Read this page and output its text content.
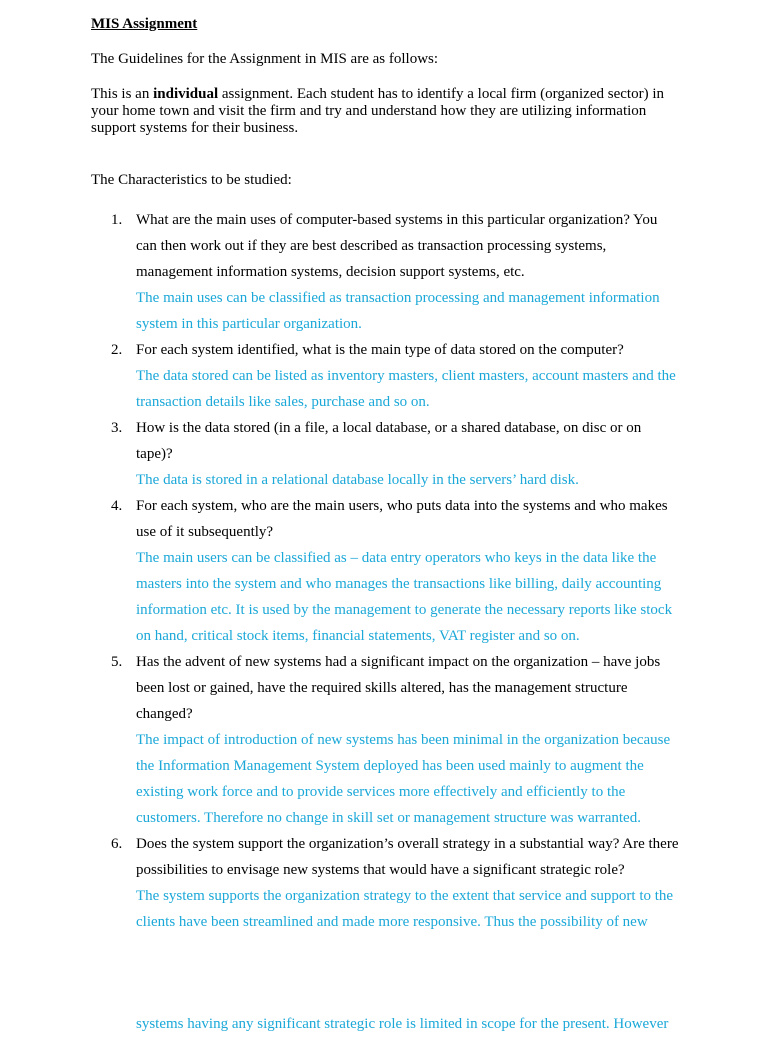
MIS Assignment
The Guidelines for the Assignment in MIS are as follows:
This is an individual assignment. Each student has to identify a local firm (organized sector) in your home town and visit the firm and try and understand how they are utilizing information support systems for their business.
The Characteristics to be studied:
1. What are the main uses of computer-based systems in this particular organization? You can then work out if they are best described as transaction processing systems, management information systems, decision support systems, etc.
The main uses can be classified as transaction processing and management information system in this particular organization.
2. For each system identified, what is the main type of data stored on the computer?
The data stored can be listed as inventory masters, client masters, account masters and the transaction details like sales, purchase and so on.
3. How is the data stored (in a file, a local database, or a shared database, on disc or on tape)?
The data is stored in a relational database locally in the servers’ hard disk.
4. For each system, who are the main users, who puts data into the systems and who makes use of it subsequently?
The main users can be classified as – data entry operators who keys in the data like the masters into the system and who manages the transactions like billing, daily accounting information etc. It is used by the management to generate the necessary reports like stock on hand, critical stock items, financial statements, VAT register and so on.
5. Has the advent of new systems had a significant impact on the organization – have jobs been lost or gained, have the required skills altered, has the management structure changed?
The impact of introduction of new systems has been minimal in the organization because the Information Management System deployed has been used mainly to augment the existing work force and to provide services more effectively and efficiently to the customers. Therefore no change in skill set or management structure was warranted.
6. Does the system support the organization’s overall strategy in a substantial way? Are there possibilities to envisage new systems that would have a significant strategic role?
The system supports the organization strategy to the extent that service and support to the clients have been streamlined and made more responsive. Thus the possibility of new
systems having any significant strategic role is limited in scope for the present. However
